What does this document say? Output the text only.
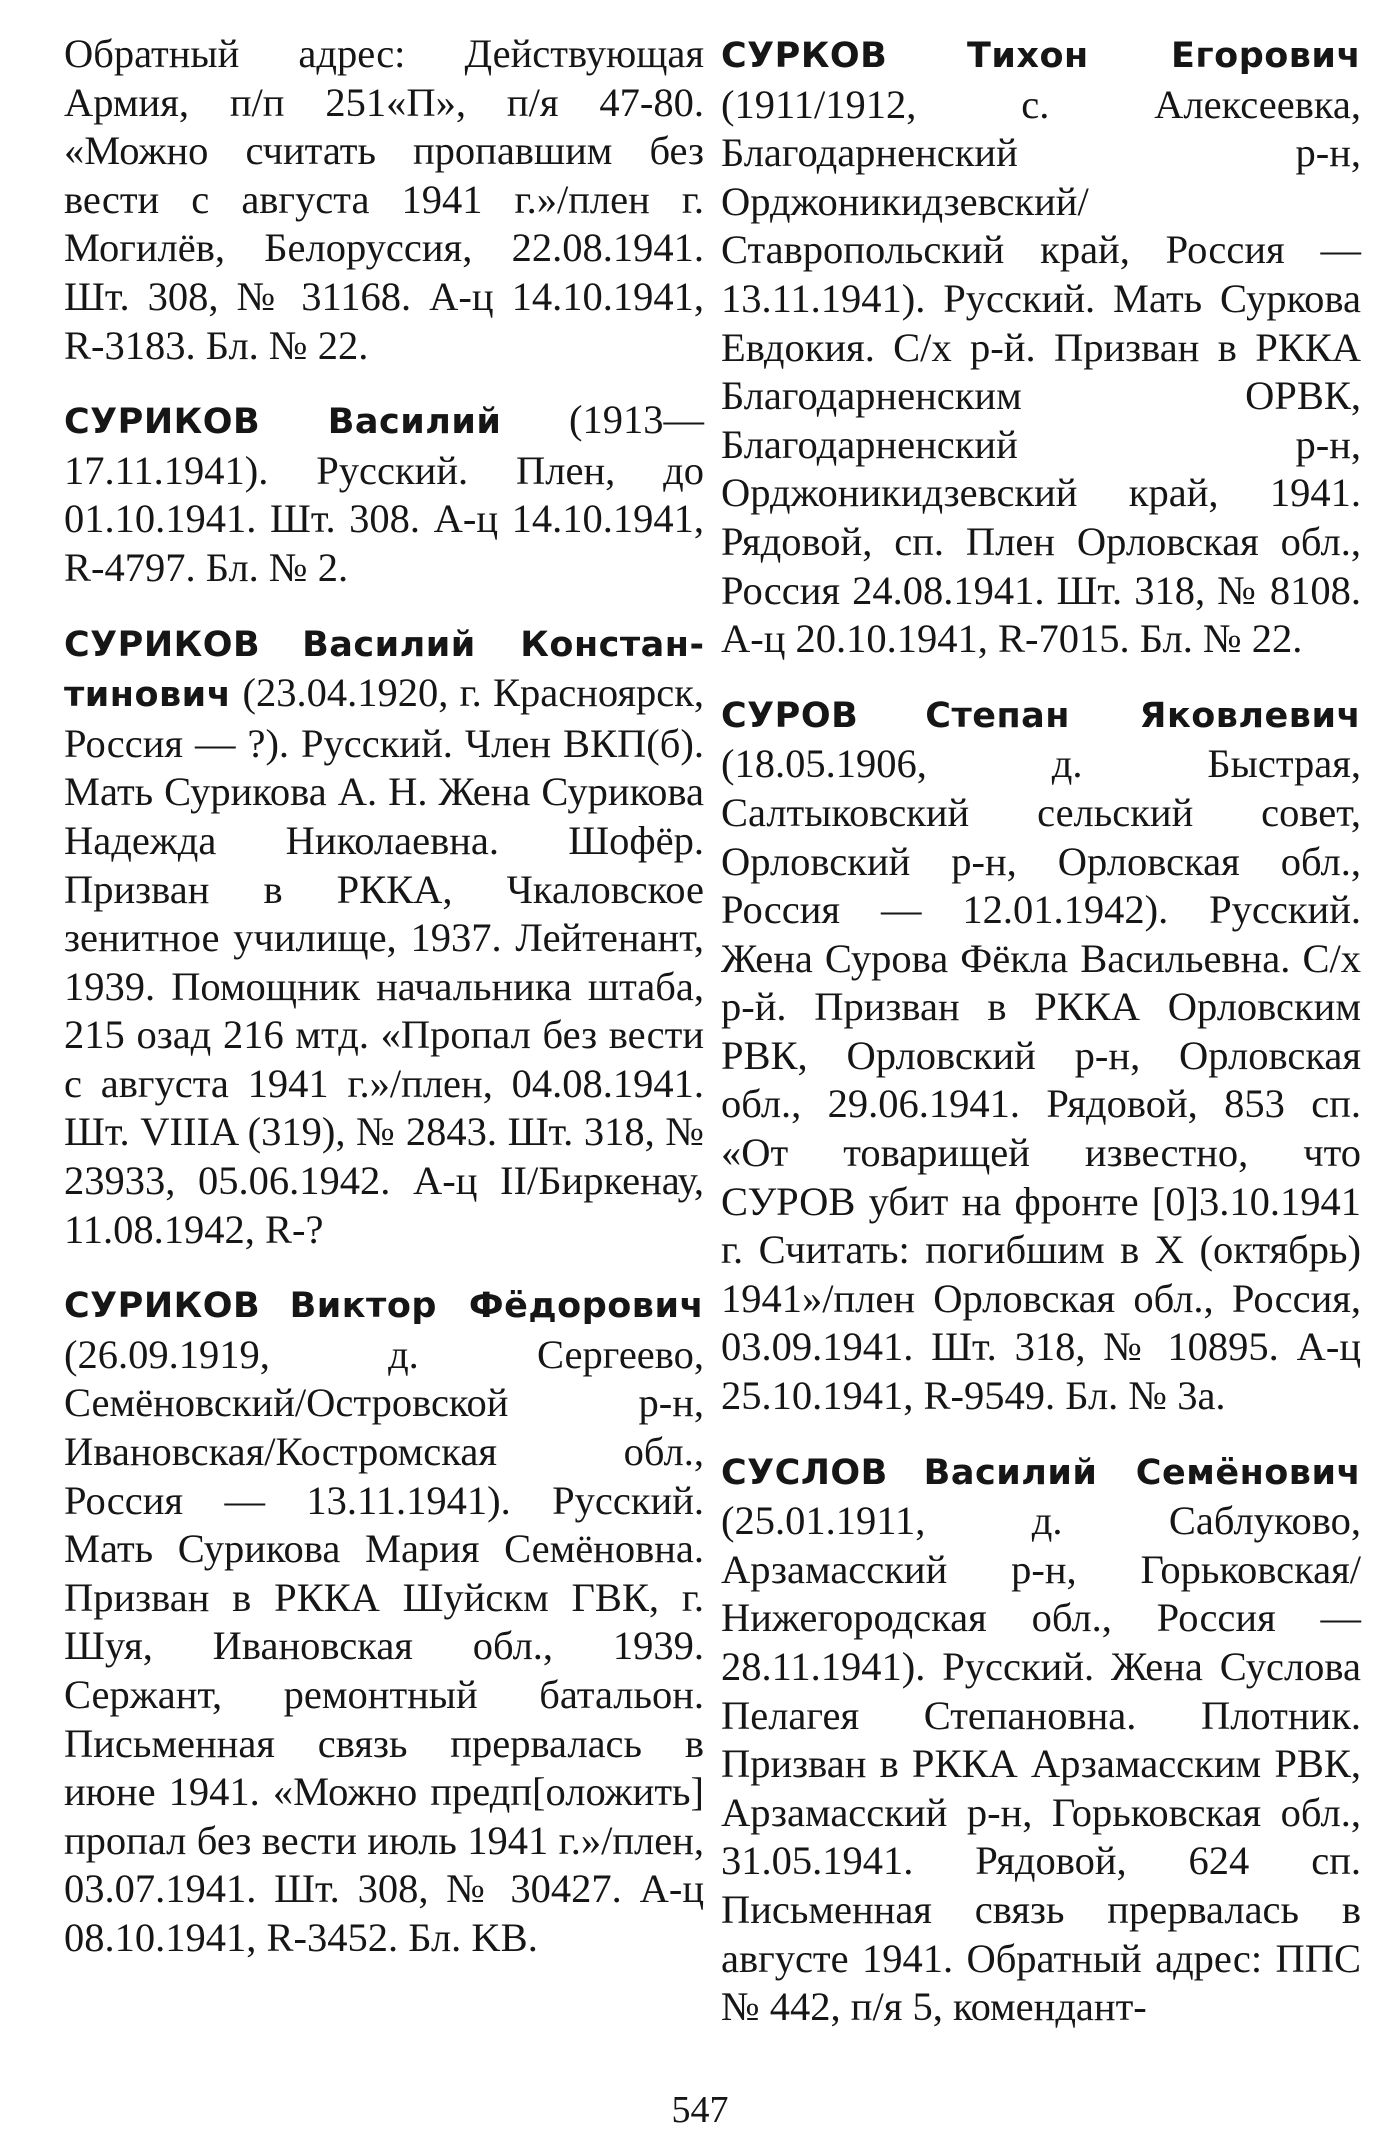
Обратный адрес: Действующая Армия, п/п 251«П», п/я 47-80. «Можно считать пропавшим без вести с августа 1941 г.»/плен г. Могилёв, Белоруссия, 22.08.1941. Шт. 308, № 31168. А-ц 14.10.1941, R-3183. Бл. № 22.

СУРИКОВ Василий (1913—17.11.1941). Русский. Плен, до 01.10.1941. Шт. 308. А-ц 14.10.1941, R-4797. Бл. № 2.

СУРИКОВ Василий Константинович (23.04.1920, г. Красноярск, Россия — ?). Русский. Член ВКП(б). Мать Сурикова А. Н. Жена Сурикова Надежда Николаевна. Шофёр. Призван в РККА, Чкаловское зенитное училище, 1937. Лейтенант, 1939. Помощник начальника штаба, 215 озад 216 мтд. «Пропал без вести с августа 1941 г.»/плен, 04.08.1941. Шт. VIIIA (319), № 2843. Шт. 318, № 23933, 05.06.1942. А-ц II/Биркенау, 11.08.1942, R-?

СУРИКОВ Виктор Фёдорович (26.09.1919, д. Сергеево, Семёновский/Островской р-н, Ивановская/Костромская обл., Россия — 13.11.1941). Русский. Мать Сурикова Мария Семёновна. Призван в РККА Шуйскм ГВК, г. Шуя, Ивановская обл., 1939. Сержант, ремонтный батальон. Письменная связь прервалась в июне 1941. «Можно предп[оложить] пропал без вести июль 1941 г.»/плен, 03.07.1941. Шт. 308, № 30427. А-ц 08.10.1941, R-3452. Бл. KB.

СУРКОВ Тихон Егорович (1911/1912, с. Алексеевка, Благодарненский р-н, Орджоникидзевский/ Ставропольский край, Россия — 13.11.1941). Русский. Мать Суркова Евдокия. С/х р-й. Призван в РККА Благодарненским ОРВК, Благодарненский р-н, Орджоникидзевский край, 1941. Рядовой, сп. Плен Орловская обл., Россия 24.08.1941. Шт. 318, № 8108. А-ц 20.10.1941, R-7015. Бл. № 22.

СУРОВ Степан Яковлевич (18.05.1906, д. Быстрая, Салтыковский сельский совет, Орловский р-н, Орловская обл., Россия — 12.01.1942). Русский. Жена Сурова Фёкла Васильевна. С/х р-й. Призван в РККА Орловским РВК, Орловский р-н, Орловская обл., 29.06.1941. Рядовой, 853 сп. «От товарищей известно, что СУРОВ убит на фронте [0]3.10.1941 г. Считать: погибшим в X (октябрь) 1941»/плен Орловская обл., Россия, 03.09.1941. Шт. 318, № 10895. А-ц 25.10.1941, R-9549. Бл. № 3а.

СУСЛОВ Василий Семёнович (25.01.1911, д. Саблуково, Арзамасский р-н, Горьковская/ Нижегородская обл., Россия — 28.11.1941). Русский. Жена Суслова Пелагея Степановна. Плотник. Призван в РККА Арзамасским РВК, Арзамасский р-н, Горьковская обл., 31.05.1941. Рядовой, 624 сп. Письменная связь прервалась в августе 1941. Обратный адрес: ППС № 442, п/я 5, комендант-

547
